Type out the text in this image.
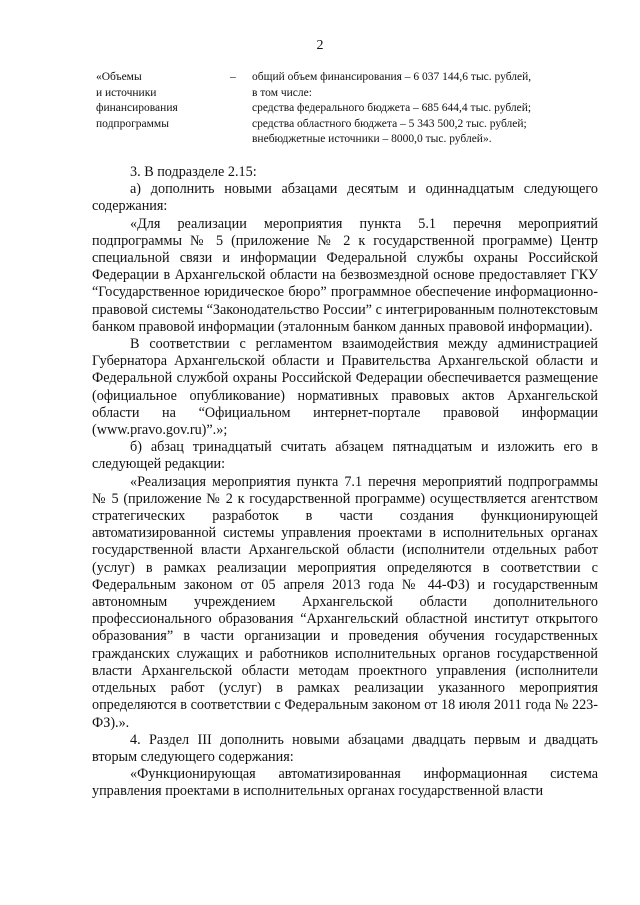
2
«Объемы
и источники
финансирования
подпрограммы
– общий объем финансирования – 6 037 144,6 тыс. рублей,
в том числе:
средства федерального бюджета – 685 644,4 тыс. рублей;
средства областного бюджета – 5 343 500,2 тыс. рублей;
внебюджетные источники – 8000,0 тыс. рублей».

3. В подразделе 2.15:

а) дополнить новыми абзацами десятым и одиннадцатым следующего содержания:

«Для реализации мероприятия пункта 5.1 перечня мероприятий подпрограммы № 5 (приложение № 2 к государственной программе) Центр специальной связи и информации Федеральной службы охраны Российской Федерации в Архангельской области на безвозмездной основе предоставляет ГКУ “Государственное юридическое бюро” программное обеспечение информационно-правовой системы “Законодательство России” с интегрированным полнотекстовым банком правовой информации (эталонным банком данных правовой информации).

В соответствии с регламентом взаимодействия между администрацией Губернатора Архангельской области и Правительства Архангельской области и Федеральной службой охраны Российской Федерации обеспечивается размещение (официальное опубликование) нормативных правовых актов Архангельской области на “Официальном интернет-портале правовой информации (www.pravo.gov.ru)”.»;

б) абзац тринадцатый считать абзацем пятнадцатым и изложить его в следующей редакции:

«Реализация мероприятия пункта 7.1 перечня мероприятий подпрограммы № 5 (приложение № 2 к государственной программе) осуществляется агентством стратегических разработок в части создания функционирующей автоматизированной системы управления проектами в исполнительных органах государственной власти Архангельской области (исполнители отдельных работ (услуг) в рамках реализации мероприятия определяются в соответствии с Федеральным законом от 05 апреля 2013 года № 44-ФЗ) и государственным автономным учреждением Архангельской области дополнительного профессионального образования “Архангельский областной институт открытого образования” в части организации и проведения обучения государственных гражданских служащих и работников исполнительных органов государственной власти Архангельской области методам проектного управления (исполнители отдельных работ (услуг) в рамках реализации указанного мероприятия определяются в соответствии с Федеральным законом от 18 июля 2011 года № 223-ФЗ).».

4. Раздел III дополнить новыми абзацами двадцать первым и двадцать вторым следующего содержания:

«Функционирующая автоматизированная информационная система управления проектами в исполнительных органах государственной власти
